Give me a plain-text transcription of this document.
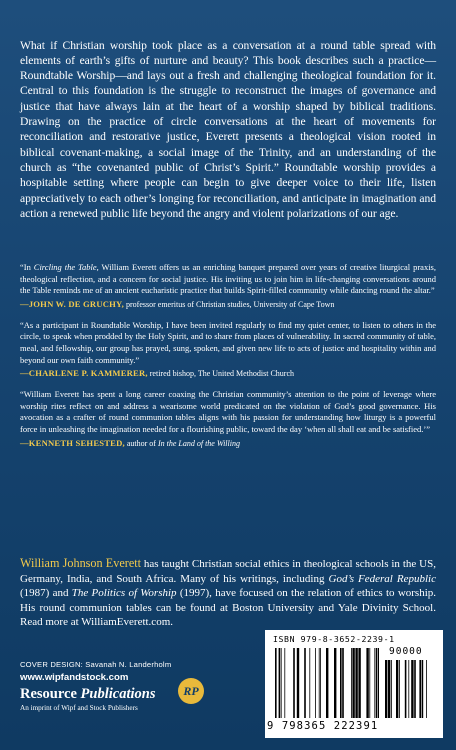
What if Christian worship took place as a conversation at a round table spread with elements of earth’s gifts of nurture and beauty? This book describes such a practice—Roundtable Worship—and lays out a fresh and challenging theological foundation for it. Central to this foundation is the struggle to reconstruct the images of governance and justice that have always lain at the heart of a worship shaped by biblical traditions. Drawing on the practice of circle conversations at the heart of movements for reconciliation and restorative justice, Everett presents a theological vision rooted in biblical covenant-making, a social image of the Trinity, and an understanding of the church as “the covenanted public of Christ’s Spirit.” Roundtable worship provides a hospitable setting where people can begin to give deeper voice to their life, listen appreciatively to each other’s longing for reconciliation, and anticipate in imagination and action a renewed public life beyond the angry and violent polarizations of our age.

“In Circling the Table, William Everett offers us an enriching banquet prepared over years of creative liturgical praxis, theological reflection, and a concern for social justice. His inviting us to join him in life-changing conversations around the Table reminds me of an ancient eucharistic practice that builds Spirit-filled community while dancing round the altar.”

—JOHN W. DE GRUCHY, professor emeritus of Christian studies, University of Cape Town

“As a participant in Roundtable Worship, I have been invited regularly to find my quiet center, to listen to others in the circle, to speak when prodded by the Holy Spirit, and to share from places of vulnerability. In sacred community of table, meal, and fellowship, our group has prayed, sung, spoken, and given new life to acts of justice and hospitality within and beyond our own faith community.”

—CHARLENE P. KAMMERER, retired bishop, The United Methodist Church

“William Everett has spent a long career coaxing the Christian community’s attention to the point of leverage where worship rites reflect on and address a wearisome world predicated on the violation of God’s good governance. His avocation as a crafter of round communion tables aligns with his passion for understanding how liturgy is a powerful force in unleashing the imagination needed for a flourishing public, toward the day ‘when all shall eat and be satisfied.’”

—KENNETH SEHESTED, author of In the Land of the Willing

William Johnson Everett has taught Christian social ethics in theological schools in the US, Germany, India, and South Africa. Many of his writings, including God’s Federal Republic (1987) and The Politics of Worship (1997), have focused on the relation of ethics to worship. His round communion tables can be found at Boston University and Yale Divinity School. Read more at WilliamEverett.com.

COVER DESIGN: Savanah N. Landerholm
www.wipfandstock.com
Resource Publications
An imprint of Wipf and Stock Publishers
RP
ISBN 979-8-3652-2239-1
90000
9 798365 222391
